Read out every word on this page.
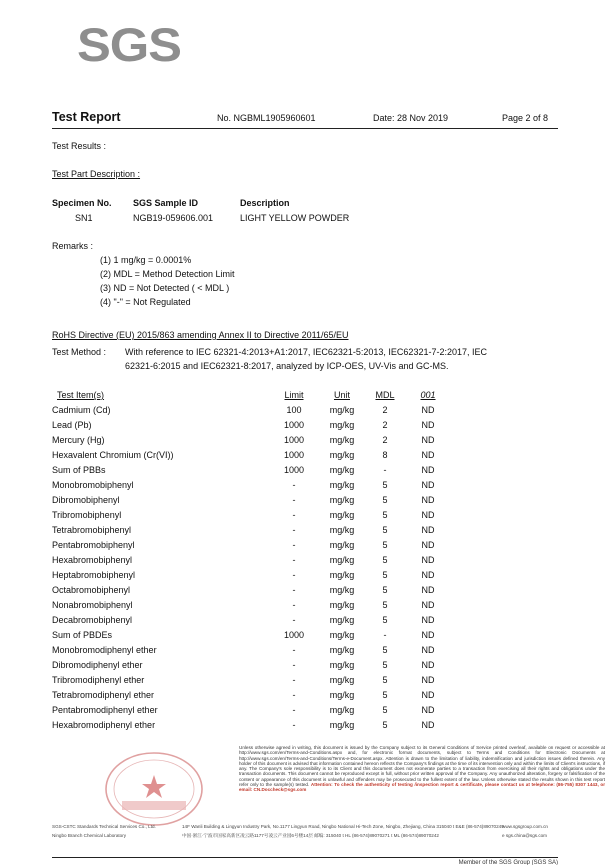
SGS
Test Report	No. NGBML1905960601	Date: 28 Nov 2019	Page 2 of 8
Test Results :
Test Part Description :
Specimen No. SGS Sample ID	Description
SN1	NGB19-059606.001	LIGHT YELLOW POWDER
Remarks :
(1) 1 mg/kg = 0.0001%
(2) MDL = Method Detection Limit
(3) ND = Not Detected ( < MDL )
(4) "-" = Not Regulated
RoHS Directive (EU) 2015/863 amending Annex II to Directive 2011/65/EU
Test Method : With reference to IEC 62321-4:2013+A1:2017, IEC62321-5:2013, IEC62321-7-2:2017, IEC
62321-6:2015 and IEC62321-8:2017, analyzed by ICP-OES, UV-Vis and GC-MS.
Test Item(s)	Limit	Unit	MDL	001
Cadmium (Cd)	100	mg/kg	2	ND
Lead (Pb)	1000	mg/kg	2	ND
Mercury (Hg)	1000	mg/kg	2	ND
Hexavalent Chromium (Cr(VI))	1000	mg/kg	8	ND
Sum of PBBs	1000	mg/kg	-	ND
Monobromobiphenyl	-	mg/kg	5	ND
Dibromobiphenyl	-	mg/kg	5	ND
Tribromobiphenyl	-	mg/kg	5	ND
Tetrabromobiphenyl	-	mg/kg	5	ND
Pentabromobiphenyl	-	mg/kg	5	ND
Hexabromobiphenyl	-	mg/kg	5	ND
Heptabromobiphenyl	-	mg/kg	5	ND
Octabromobiphenyl	-	mg/kg	5	ND
Nonabromobiphenyl	-	mg/kg	5	ND
Decabromobiphenyl	-	mg/kg	5	ND
Sum of PBDEs	1000	mg/kg	-	ND
Monobromodiphenyl ether	-	mg/kg	5	ND
Dibromodiphenyl ether	-	mg/kg	5	ND
Tribromodiphenyl ether	-	mg/kg	5	ND
Tetrabromodiphenyl ether	-	mg/kg	5	ND
Pentabromodiphenyl ether	-	mg/kg	5	ND
Hexabromodiphenyl ether	-	mg/kg	5	ND
Unless otherwise agreed in writing, this document is issued by the Company subject to its General Conditions of Service printed overleaf, available on request or accessible at http://www.sgs.com/en/Terms-and-Conditions.aspx and, for electronic format documents, subject to Terms and Conditions for Electronic Documents at http://www.sgs.com/en/Terms-and-Conditions/Terms-e-Document.aspx. Attention is drawn to the limitation of liability, indemnification and jurisdiction issues defined therein. Any holder of this document is advised that information contained hereon reflects the Company's findings at the time of its intervention only and within the limits of Client's instructions, if any. The Company's sole responsibility is to its Client and this document does not exonerate parties to a transaction from exercising all their rights and obligations under the transaction documents. This document cannot be reproduced except in full, without prior written approval of the Company. Any unauthorized alteration, forgery or falsification of the content or appearance of this document is unlawful and offenders may be prosecuted to the fullest extent of the law. Unless otherwise stated the results shown in this test report refer only to the sample(s) tested. Attention: To check the authenticity of testing /inspection report & certificate, please contact us at telephone: (86-755) 8307 1443, or email: CN.Doccheck@sgs.com
SGS-CSTC Standards Technical Services Co., Ltd.	14F Wanli Building & Lingyun Industry Park, No.1177 Lingyun Road, Ningbo National Hi-Tech Zone, Ningbo, Zhejiang, China 315040 t E&E (86-574)89070249
www.sgsgroup.com.cn
Ningbo Branch Chemical Laboratory	中国·浙江·宁波市国家高新区凌云路1177号凌云产业园6号楼14层 邮编: 315040 t HL (86-574)89070271 t ML (86-574)89070242	e sgs.china@sgs.com
Member of the SGS Group (SGS SA)
